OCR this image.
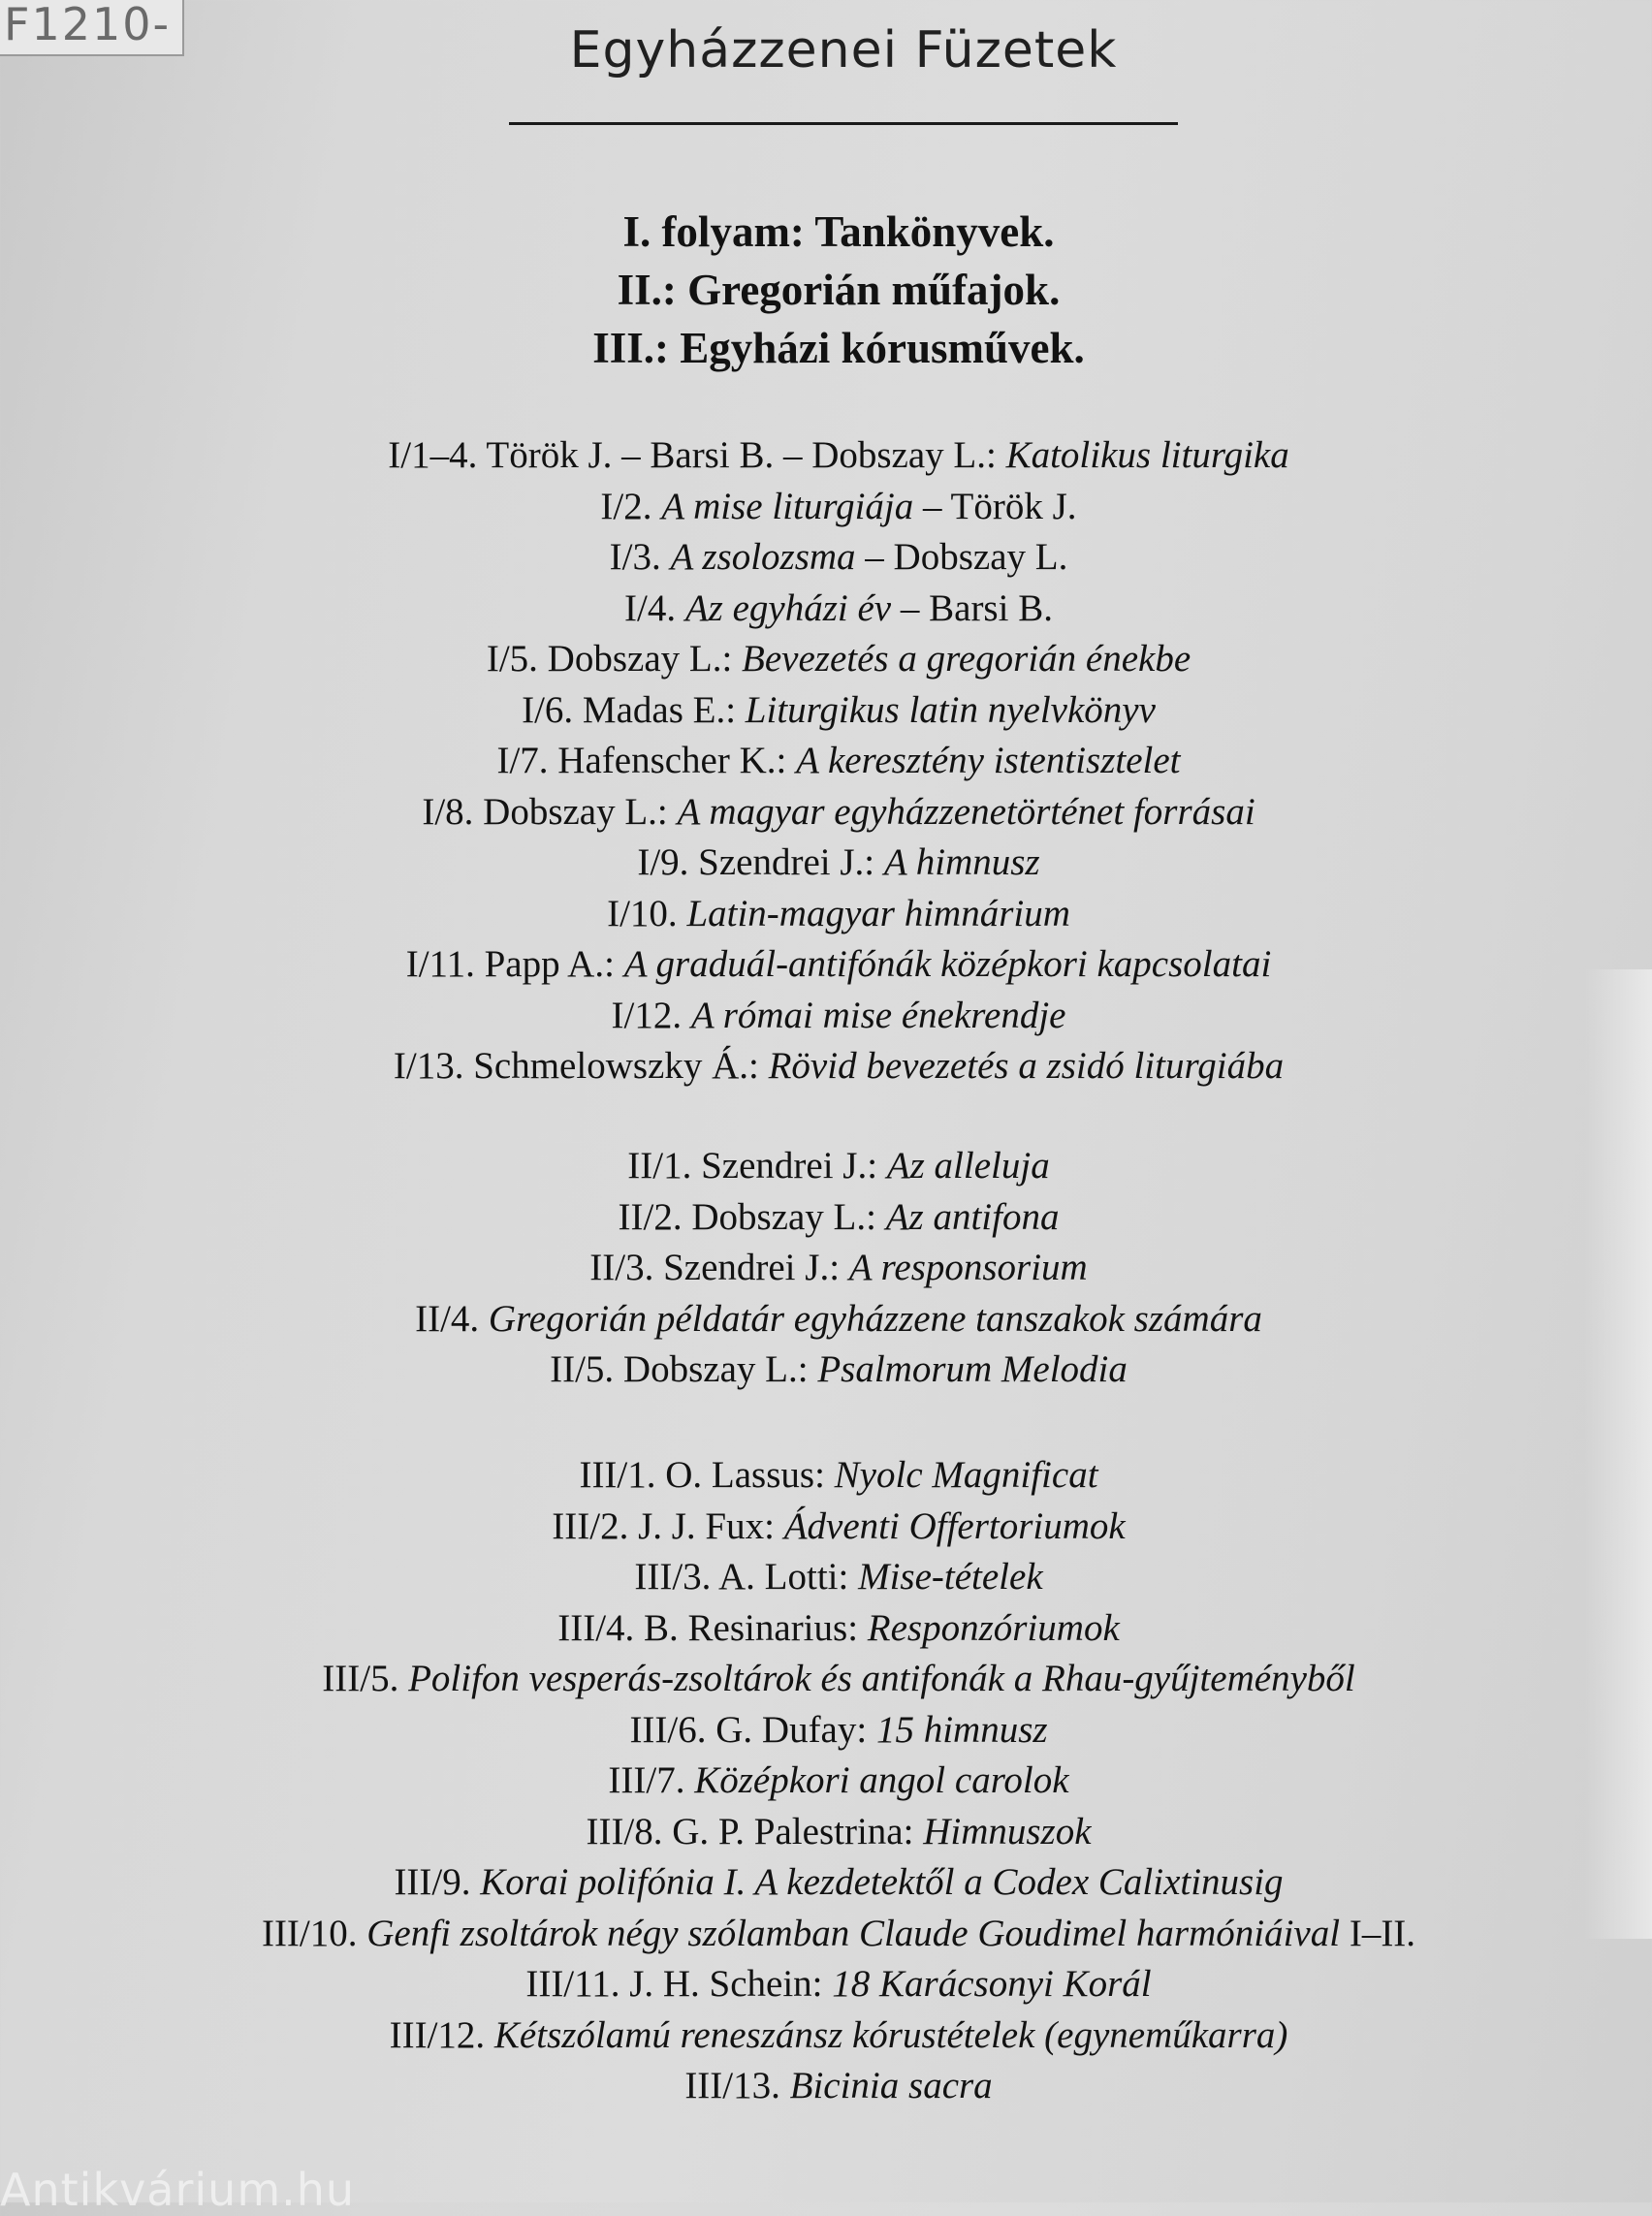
F1210-	Egyházzenei Füzetek
I. folyam: Tankönyvek.
II.: Gregorián műfajok.
III.: Egyházi kórusművek.
I/1–4. Török J. – Barsi B. – Dobszay L.: Katolikus liturgika
I/2. A mise liturgiája – Török J.
I/3. A zsolozsma – Dobszay L.
I/4. Az egyházi év – Barsi B.
I/5. Dobszay L.: Bevezetés a gregorián énekbe
I/6. Madas E.: Liturgikus latin nyelvkönyv
I/7. Hafenscher K.: A keresztény istentisztelet
I/8. Dobszay L.: A magyar egyházzenetörténet forrásai
I/9. Szendrei J.: A himnusz
I/10. Latin-magyar himnárium
I/11. Papp A.: A graduál-antifónák középkori kapcsolatai
I/12. A római mise énekrendje
I/13. Schmelowszky Á.: Rövid bevezetés a zsidó liturgiába
II/1. Szendrei J.: Az alleluja
II/2. Dobszay L.: Az antifona
II/3. Szendrei J.: A responsorium
II/4. Gregorián példatár egyházzene tanszakok számára
II/5. Dobszay L.: Psalmorum Melodia
III/1. O. Lassus: Nyolc Magnificat
III/2. J. J. Fux: Ádventi Offertoriumok
III/3. A. Lotti: Mise-tételek
III/4. B. Resinarius: Responzóriumok
III/5. Polifon vesperás-zsoltárok és antifonák a Rhau-gyűjteményből
III/6. G. Dufay: 15 himnusz
III/7. Középkori angol carolok
III/8. G. P. Palestrina: Himnuszok
III/9. Korai polifónia I. A kezdetektől a Codex Calixtinusig
III/10. Genfi zsoltárok négy szólamban Claude Goudimel harmóniáival I–II.
III/11. J. H. Schein: 18 Karácsonyi Korál
III/12. Kétszólamú reneszánsz kórustételek (egyneműkarra)
III/13. Bicinia sacra
Antikvárium.hu
